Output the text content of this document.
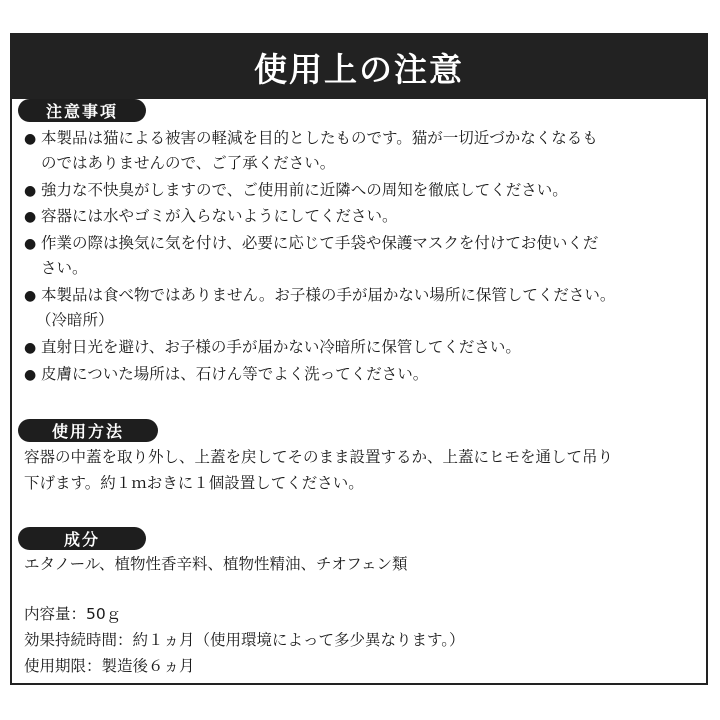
使用上の注意
注意事項
● 本製品は猫による被害の軽減を目的としたものです。猫が一切近づかなくなるも
のではありませんので、ご了承ください。
● 強力な不快臭がしますので、ご使用前に近隣への周知を徹底してください。
● 容器には水やゴミが入らないようにしてください。
● 作業の際は換気に気を付け、必要に応じて手袋や保護マスクを付けてお使いくだ
さい。
● 本製品は食べ物ではありません。お子様の手が届かない場所に保管してください。
（冷暗所）
● 直射日光を避け、お子様の手が届かない冷暗所に保管してください。
● 皮膚についた場所は、石けん等でよく洗ってください。
使用方法
容器の中蓋を取り外し、上蓋を戻してそのまま設置するか、上蓋にヒモを通して吊り
下げます。約１ｍおきに１個設置してください。
成分
エタノール、植物性香辛料、植物性精油、チオフェン類
内容量：50ｇ
効果持続時間：約１ヵ月（使用環境によって多少異なります。）
使用期限：製造後６ヵ月
